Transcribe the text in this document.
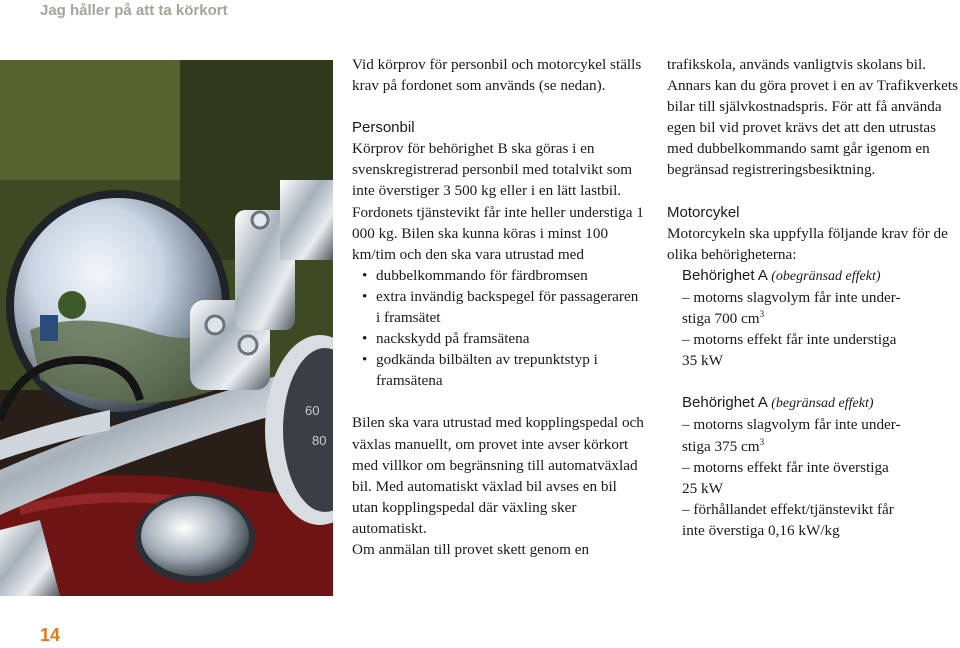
Jag håller på att ta körkort
60
80

Vid körprov för personbil och motorcykel ställs krav på fordonet som används (se nedan).

Personbil

Körprov för behörighet B ska göras i en svenskregistrerad personbil med totalvikt som inte överstiger 3 500 kg eller i en lätt lastbil. Fordonets tjänstevikt får inte heller understiga 1 000 kg. Bilen ska kunna köras i minst 100 km/tim och den ska vara utrustad med

• dubbelkommando för färdbromsen
• extra invändig backspegel för passageraren i framsätet
• nackskydd på framsätena
• godkända bilbälten av trepunktstyp i framsätena

Bilen ska vara utrustad med kopplingspedal och växlas manuellt, om provet inte avser körkort med villkor om begränsning till automatväxlad bil. Med automatiskt växlad bil avses en bil utan kopplingspedal där växling sker automatiskt.

Om anmälan till provet skett genom en

trafikskola, används vanligtvis skolans bil. Annars kan du göra provet i en av Trafikverkets bilar till självkostnadspris. För att få använda egen bil vid provet krävs det att den utrustas med dubbelkommando samt går igenom en begränsad registreringsbesiktning.

Motorcykel

Motorcykeln ska uppfylla följande krav för de olika behörigheterna:

Behörighet A (obegränsad effekt)
– motorns slagvolym får inte under-
stiga 700 $cm^3$
– motorns effekt får inte understiga
35 kW
Behörighet A (begränsad effekt)
– motorns slagvolym får inte under-
stiga 375 $cm^3$
– motorns effekt får inte överstiga
25 kW
– förhållandet effekt/tjänstevikt får
inte överstiga 0,16 kW/kg
14
